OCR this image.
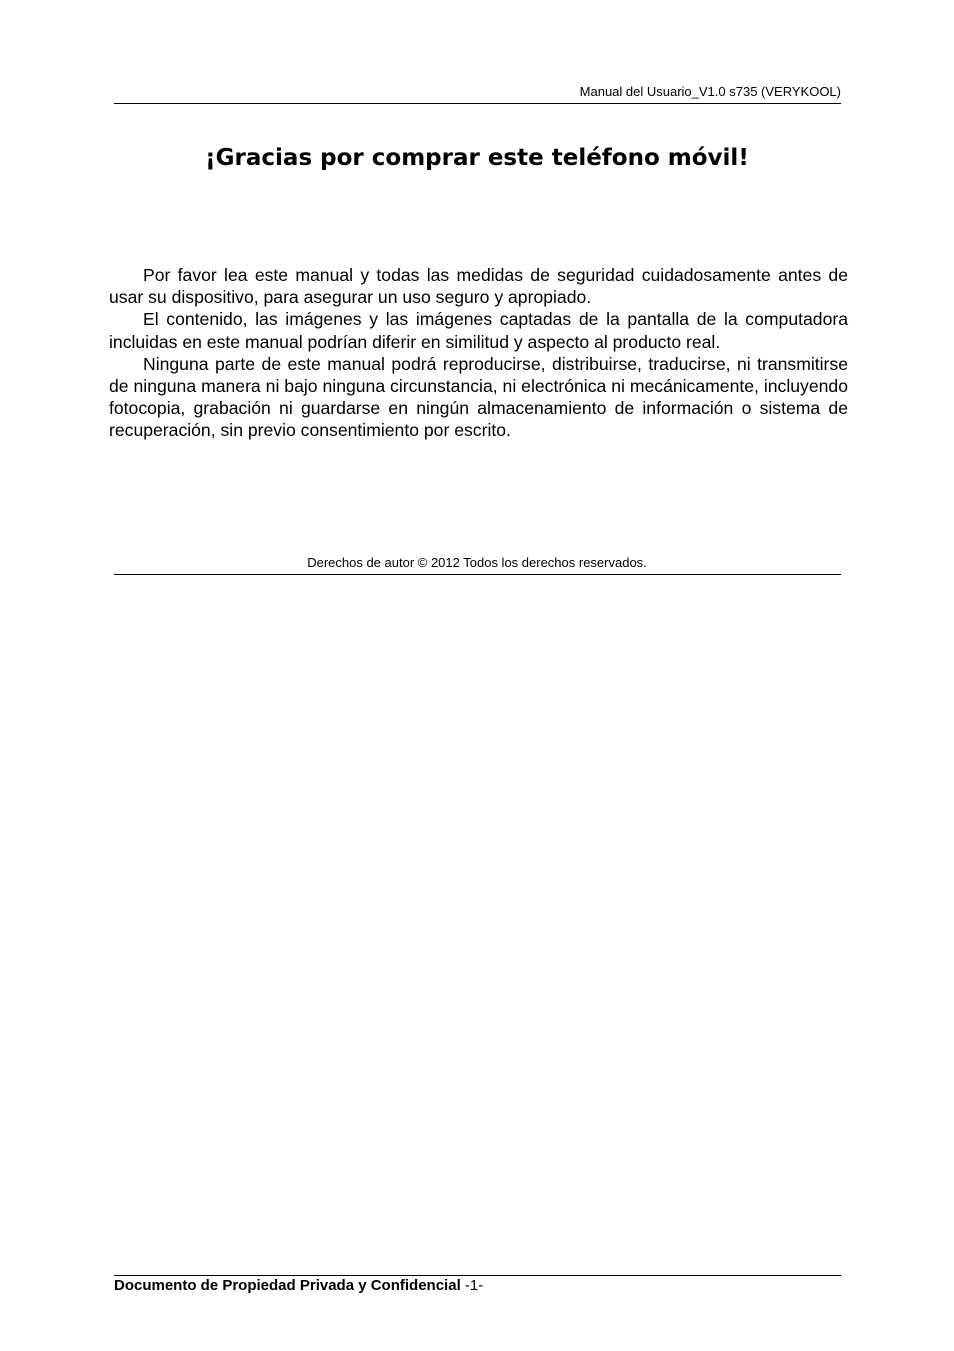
Manual del Usuario_V1.0 s735 (VERYKOOL)
¡Gracias por comprar este teléfono móvil!

Por favor lea este manual y todas las medidas de seguridad cuidadosamente antes de usar su dispositivo, para asegurar un uso seguro y apropiado.

El contenido, las imágenes y las imágenes captadas de la pantalla de la computadora incluidas en este manual podrían diferir en similitud y aspecto al producto real.

Ninguna parte de este manual podrá reproducirse, distribuirse, traducirse, ni transmitirse de ninguna manera ni bajo ninguna circunstancia, ni electrónica ni mecánicamente, incluyendo fotocopia, grabación ni guardarse en ningún almacenamiento de información o sistema de recuperación, sin previo consentimiento por escrito.

Derechos de autor © 2012 Todos los derechos reservados.
Documento de Propiedad Privada y Confidencial -1-
